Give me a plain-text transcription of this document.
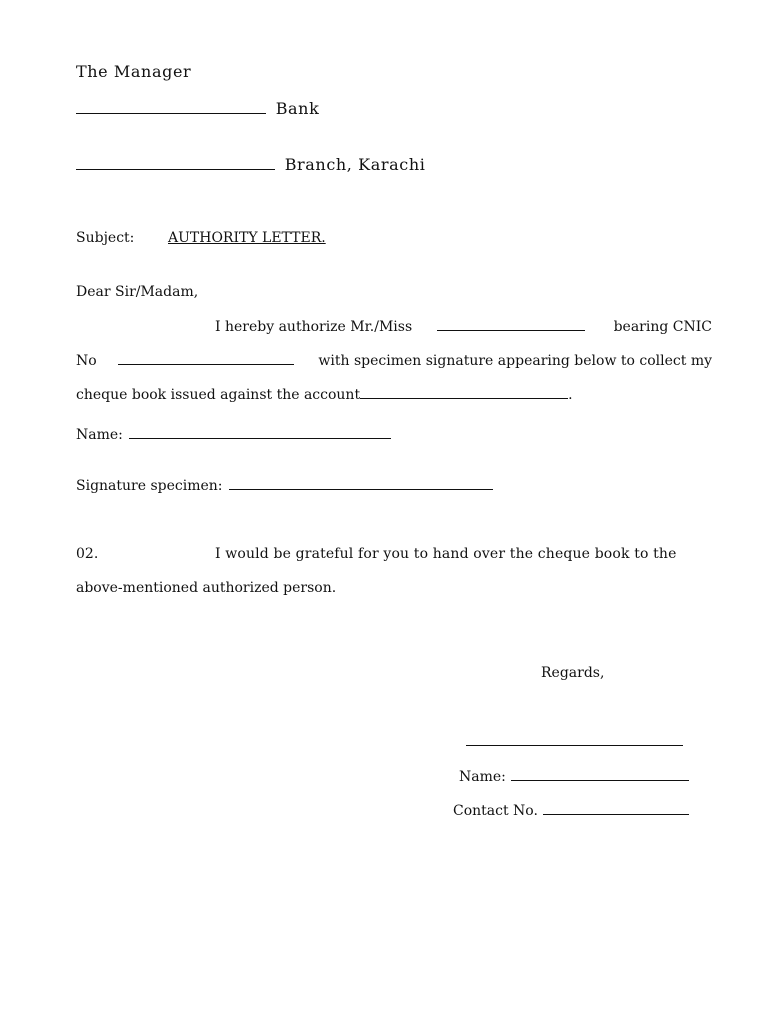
The Manager
Bank
Branch, Karachi
Subject: AUTHORITY LETTER.
Dear Sir/Madam,
I hereby authorize Mr./Miss	bearing CNIC
No	with specimen signature appearing below to collect my
cheque book issued against the account	.
Name:
Signature specimen:
02.	I would be grateful for you to hand over the cheque book to the
above-mentioned authorized person.
Regards,
Name:
Contact No.
